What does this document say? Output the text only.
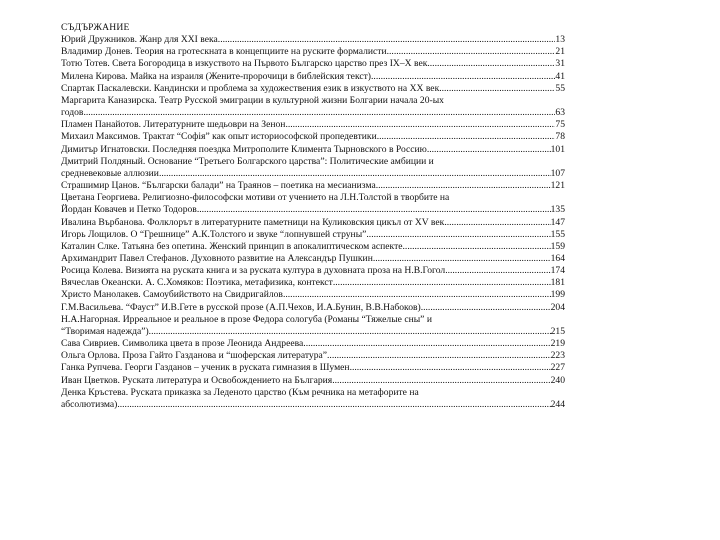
СЪДЪРЖАНИЕ
Юрий Дружников. Жанр для XXI века .....	13
Владимир Донев. Теория на гротескната в концепциите на руските формалисти .....	21
Тотю Тотев. Света Богородица в изкуството на Първото Българско царство през IX–X век .....	31
Милена Кирова. Майка на израиля (Жените-пророчици в библейския текст) .....	41
Спартак Паскалевски. Кандински и проблема за художествения език в изкуството на XX век .....	55
Маргарита Каназирска. Театр Русской эмиграции в культурной жизни Болгарии начала 20-ых
годов .....	63
Пламен Панайотов. Литературните шедьоври на Зенон .....	75
Михаил Максимов. Трактат “Софія” как опыт историософской пропедевтики .....	78
Димитър Игнатовски. Последняя поездка Митрополите Климента Тырновского в Россию .....	101
Дмитрий Полдяный. Основание “Третьего Болгарского царства”: Политические амбиции и
средневековые аллюзии .....	107
Страшимир Цанов. “Български балади” на Траянов – поетика на месианизма .....	121
Цветана Георгиева. Религиозно-философски мотиви от учението на Л.Н.Толстой в творбите на
Йордан Ковачев и Петко Тодоров .....	135
Ивалина Върбанова. Фолклорът в литературните паметници на Куликовския цикъл от XV век .....	147
Игорь Лощилов. О “Грешнице” А.К.Толстого и звуке “лопнувшей струны” .....	155
Каталин Слке. Татьяна без опетина. Женский принцип в апокалиптическом аспекте .....	159
Архимандрит Павел Стефанов. Духовното развитие на Александър Пушкин .....	164
Росица Колева. Визията на руската книга и за руската култура в духовната проза на Н.В.Гогол .....	174
Вячеслав Океански. А. С.Хомяков: Поэтика, метафизика, контекст .....	181
Христо Манолакев. Самоубийството на Свидригайлов .....	199
Г.М.Васильева. “Фауст” И.В.Гете в русской прозе (А.П.Чехов, И.А.Бунин, В.В.Набоков) .....	204
Н.А.Нагорная. Ирреальное и реальное в прозе Федора сологуба (Романы “Тяжелые сны” и
“Творимая надежда”) .....	215
Сава Сивриев. Символика цвета в прозе Леонида Андреева .....	219
Ольга Орлова. Проза Гайто Газданова и “шоферская литература” .....	223
Ганка Рупчева. Георги Газданов – ученик в руската гимназия в Шумен .....	227
Иван Цветков. Руската литература и Освобождението на България .....	240
Денка Кръстева. Руската приказка за Леденото царство (Към речника на метафорите на
абсолютизма) .....	244
